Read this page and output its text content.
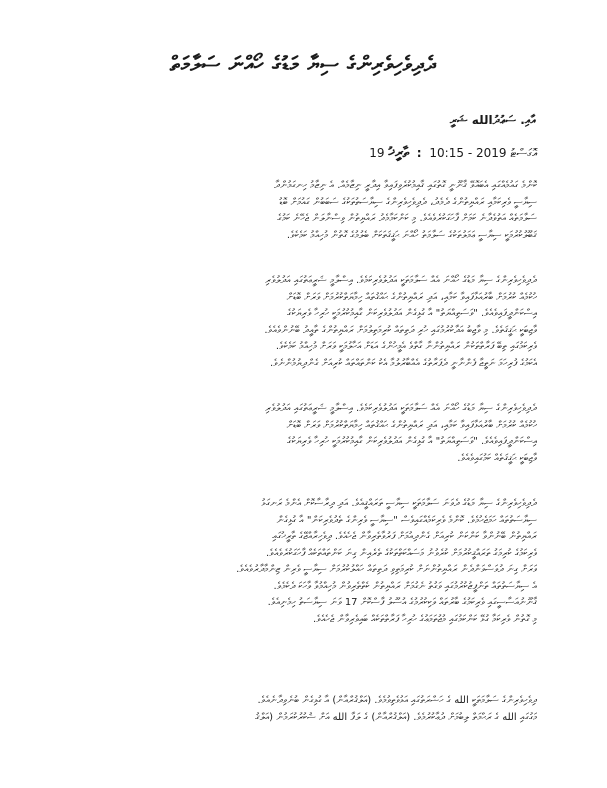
ދެދިވެހިވެރިންގެ ސިޔާ މަޑުގެ ހޯއްނަ ސަލާމަތް
އާއި. ސަޢުދުالله ޝަރީ
19 އޮގަސްޓު 2019 - 10:15 : ތާރީޚު
ކޮންމެ ގައުމެއްގައި އެބައޮވޭ ޤާނޫނީ ގޮތުގައި ޤާއިމުކުރެވިފައިވާ އިދާރީ ނިޒާމެއް. އެ ނިޒާމު ހިނގަމުންދާ
ސިޔާސީ ވެރިކަމާއި ރައްޔިތުންގެ ދެމެދު، ދެދިވެހިވެރިންގެ ސިޔާސަތުތަކުގެ ސަބަބުން ގައުމަށް ބޮޑު
ސަލާމަތެއް އަތުވެދާނެ ކަމަށް ފާހަގަކުރެވެއެވެ. މި ކަންކަމާމެދު ރައްޔިތުން ވިސްނާލަން ޖެހޭނެ ކަމުގެ
ޤަބޫލުކުރުމަކީ ސިޔާސީ ޢަމަލުތަކުގެ ސަލާމަތު ހޯއްނަ ޙަޤީޤަތަކަށް ބެލުމުގެ ގޮތުން މުހިއްމު ކަމެކެވެ.
ދެދިވެހިވެރިންގެ ސިޔާ މަޑުގެ ހޯއްނަ އެއް ސަލާމަތަކީ އަދުލުވެރިކަމެވެ. އިސްލާމީ ޝަރީޢަތުގައި އަދުލުވެރި
ހުކުމެއް ކުރުމަށް ބާރުއަޅާފައިވާ ކަމާއި، އަދި ރައްޔިތުންގެ ޙައްޤުތައް ހިމާޔަތްކުރުމަށް ވަރަށް ބޮޑަށް
އިސްކަންދީފައިވެއެވެ. "ވަސަޠިއްޔަތު" އާ ގުޅިގެން އަދުލުވެރިކަން ގާއިމުކުރުމަކީ ހުރިހާ ވެރިޔަކުގެ
ވާޖިބަކީ ޙަޤީޤަތެވެ. މި ވާޖިބު އަދާކުރުމުގައި ހުރި ދަތިތައް ކުރިމަތިލުމަށް ރައްޔިތުންގެ ތާއީދު ބޭނުންވެއެވެ.
ވެރިކަމުގައި ތިބޭ ފަރާތްތަކުން ރައްޔިތުންނާ ގާތްވެ އެމީހުންގެ އަޑަށް އަހާލުމަކީ ވަރަށް މުހިއްމު ކަމެކެވެ.
އެކަމުގެ ފުރިހަމަ ނަތީޖާ ފެންނާނީ ދެފަރާތުގެ އެއްބާރުލުމާ އެކު ކަންތައްތައް ކުރިއަށް ގެންދިޔުމުންނެވެ.
ދެދިވެހިވެރިންގެ ސިޔާ މަޑުގެ ހޯއްނަ އެއް ސަލާމަތަކީ އަދުލުވެރިކަމެވެ. އިސްލާމީ ޝަރީޢަތުގައި އަދުލުވެރި
ހުކުމެއް ކުރުމަށް ބާރުއަޅާފައިވާ ކަމާއި، އަދި ރައްޔިތުންގެ ޙައްޤުތައް ހިމާޔަތްކުރުމަށް ވަރަށް ބޮޑަށް
އިސްކަންދީފައިވެއެވެ. "ވަސަޠިއްޔަތު" އާ ގުޅިގެން އަދުލުވެރިކަން ގާއިމުކުރުމަކީ ހުރިހާ ވެރިޔަކުގެ
ވާޖިބަކީ ޙަޤީޤަތެއް ކަމުގައިވެއެވެ.
ދެދިވެހިވެރިންގެ ސިޔާ މަޑުގެ ދެވަނަ ސަލާމަތަކީ ސިޔާސީ ތަރައްޤީއެވެ. އަދި ދިރާސާކޮށް އެންމެ ރަނގަޅު
ސިޔާސަތުތައް ހަމަޖެހުމެވެ. ކޮންމެ ވެރިކަމެއްގައިވެސް "ސިޔާސީ ވެރިންގެ ތެދުވެރިކަން" އާ ގުޅިގެން
ރައްޔިތުން ބޭނުންވާ ކަންކަން ކުރިއަށް ގެންދިއުމަށް ފަރުވާތެރިވާން ޖެހެއެވެ. ދިވެހިރާއްޖޭގެ ތާރީޚުގައި
ވެރިކަމުގެ ކުރިމަގު ތަރައްޤީކުރުމަށް ކުރެވުނު މަސައްކަތްތަކުގެ ތެރެއިން ގިނަ ކަންތައްތަކެއް ފާހަގަކުރެވެއެވެ.
ވަރަށް ގިނަ ދުވަސްވަންދެން ރައްޔިތުންނަށް ކުރިމަތިވި ދަތިތައް ހައްލުކުރުމަށް ސިޔާސީ ވެރިން ޒިންމާދާރުވެއެވެ.
އެ ސިޔާސަތުތައް ތަންފީޒުކުރުމުގައި ވަގުތު ނެގުމަށް ރައްޔިތުން ކެތްތެރިވުން މުހިއްމުވާ ވާހަކަ ދެކެމެވެ.
ޤާނޫނުއަސާސީގައި ވެރިކަމުގެ ބާރުތައް ވަކިކުރުމުގެ އުސޫލު ފާސްކޮށް 17 ވަނަ ސިޔާސަތު ހިމެނިއެވެ.
މި ގޮތުން ވެރިކަމާ ގުޅޭ ކަންކަމުގައި މުޖުތަމަޢުގެ ހުރިހާ ފަރާތްތަކެއް ބައިވެރިވާން ޖެހެއެވެ.
ދިވެހިވެރިންގެ ސަލާމަތަކީ الله ގެ ހަޟްރަތުގައި އަޅުވެތިވުމެވެ. (އަލްޤުރްއާން) އާ ގުޅިގެން ބުނެވިދާނެއެވެ.
މަގުގައި الله ގެ ރަޙްމަތް ލިބުމަށް ދުޢާކުރުމެވެ. (އަލްޤުރްއާން) ގެ ލަފާ الله އަށް ޝުކުރުކުރަމުން (އަލްޤު
